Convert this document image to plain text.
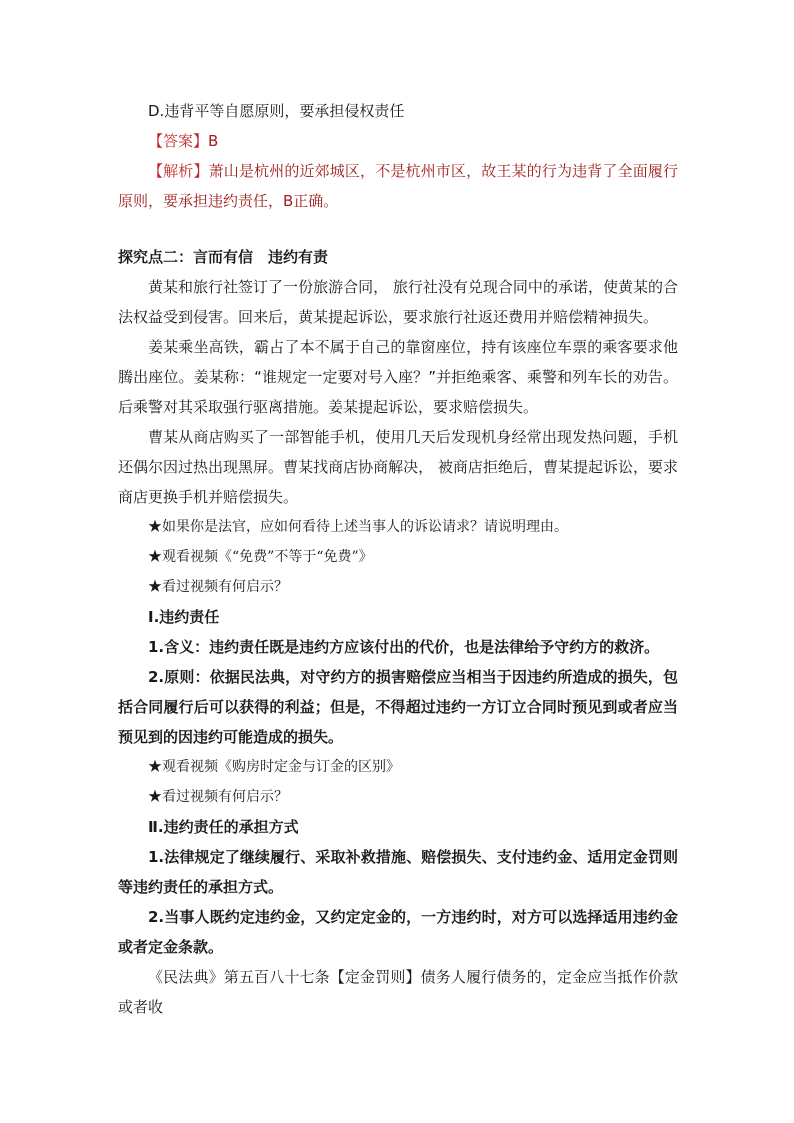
D.违背平等自愿原则，要承担侵权责任
【答案】B
【解析】萧山是杭州的近郊城区，不是杭州市区，故王某的行为违背了全面履行原则，要承担违约责任，B正确。
探究点二：言而有信　违约有责
黄某和旅行社签订了一份旅游合同， 旅行社没有兑现合同中的承诺，使黄某的合法权益受到侵害。回来后，黄某提起诉讼，要求旅行社返还费用并赔偿精神损失。
姜某乘坐高铁，霸占了本不属于自己的靠窗座位，持有该座位车票的乘客要求他腾出座位。姜某称：“谁规定一定要对号入座？”并拒绝乘客、乘警和列车长的劝告。后乘警对其采取强行驱离措施。姜某提起诉讼，要求赔偿损失。
曹某从商店购买了一部智能手机，使用几天后发现机身经常出现发热问题，手机还偶尔因过热出现黑屏。曹某找商店协商解决， 被商店拒绝后，曹某提起诉讼，要求商店更换手机并赔偿损失。
★如果你是法官，应如何看待上述当事人的诉讼请求？请说明理由。
★观看视频《“免费”不等于“免费”》
★看过视频有何启示？
Ⅰ.违约责任
1.含义：违约责任既是违约方应该付出的代价，也是法律给予守约方的救济。
2.原则：依据民法典，对守约方的损害赔偿应当相当于因违约所造成的损失，包括合同履行后可以获得的利益；但是，不得超过违约一方订立合同时预见到或者应当预见到的因违约可能造成的损失。
★观看视频《购房时定金与订金的区别》
★看过视频有何启示？
Ⅱ.违约责任的承担方式
1.法律规定了继续履行、采取补救措施、赔偿损失、支付违约金、适用定金罚则等违约责任的承担方式。
2.当事人既约定违约金，又约定定金的，一方违约时，对方可以选择适用违约金或者定金条款。
《民法典》第五百八十七条【定金罚则】债务人履行债务的，定金应当抵作价款或者收
